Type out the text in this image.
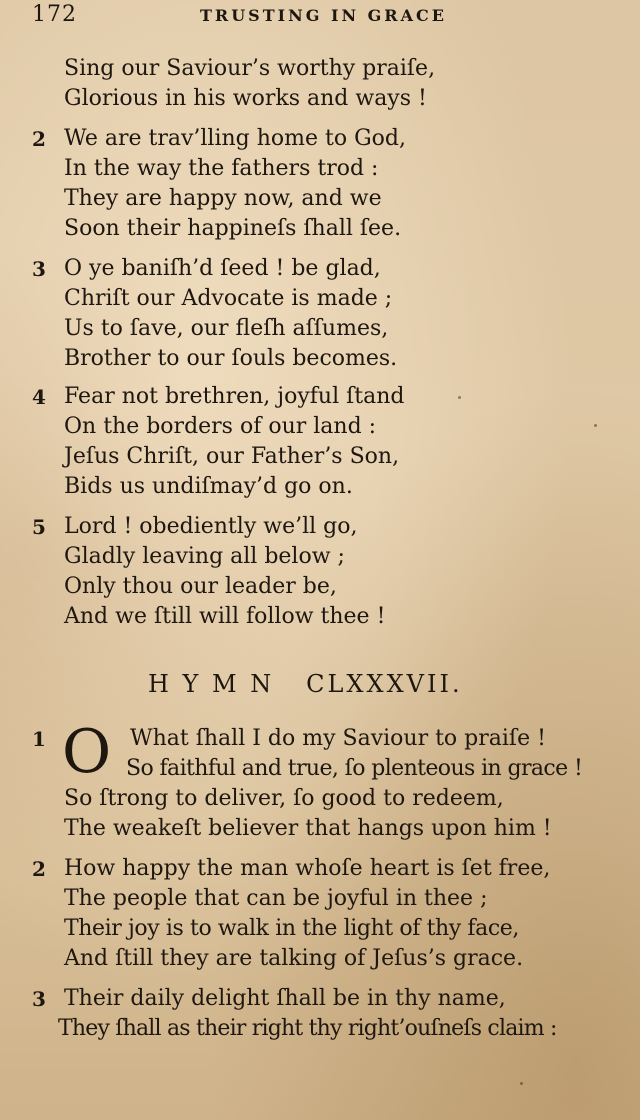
172	TRUSTING IN GRACE
Sing our Saviour’s worthy praiſe,
Glorious in his works and ways !
2 We are trav’lling home to God,
In the way the fathers trod :
They are happy now, and we
Soon their happineſs ſhall ſee.
3 O ye baniſh’d ſeed ! be glad,
Chriſt our Advocate is made ;
Us to ſave, our fleſh aſſumes,
Brother to our ſouls becomes.
4 Fear not brethren, joyful ſtand
On the borders of our land :
Jeſus Chriſt, our Father’s Son,
Bids us undiſmay’d go on.
5 Lord ! obediently we’ll go,
Gladly leaving all below ;
Only thou our leader be,
And we ſtill will follow thee !
H Y M N   CLXXXVII.
1 O What ſhall I do my Saviour to praiſe !
So faithful and true, ſo plenteous in grace !
So ſtrong to deliver, ſo good to redeem,
The weakeſt believer that hangs upon him !
2 How happy the man whoſe heart is ſet free,
The people that can be joyful in thee ;
Their joy is to walk in the light of thy face,
And ſtill they are talking of Jeſus’s grace.
3 Their daily delight ſhall be in thy name,
They ſhall as their right thy right’ouſneſs claim :
